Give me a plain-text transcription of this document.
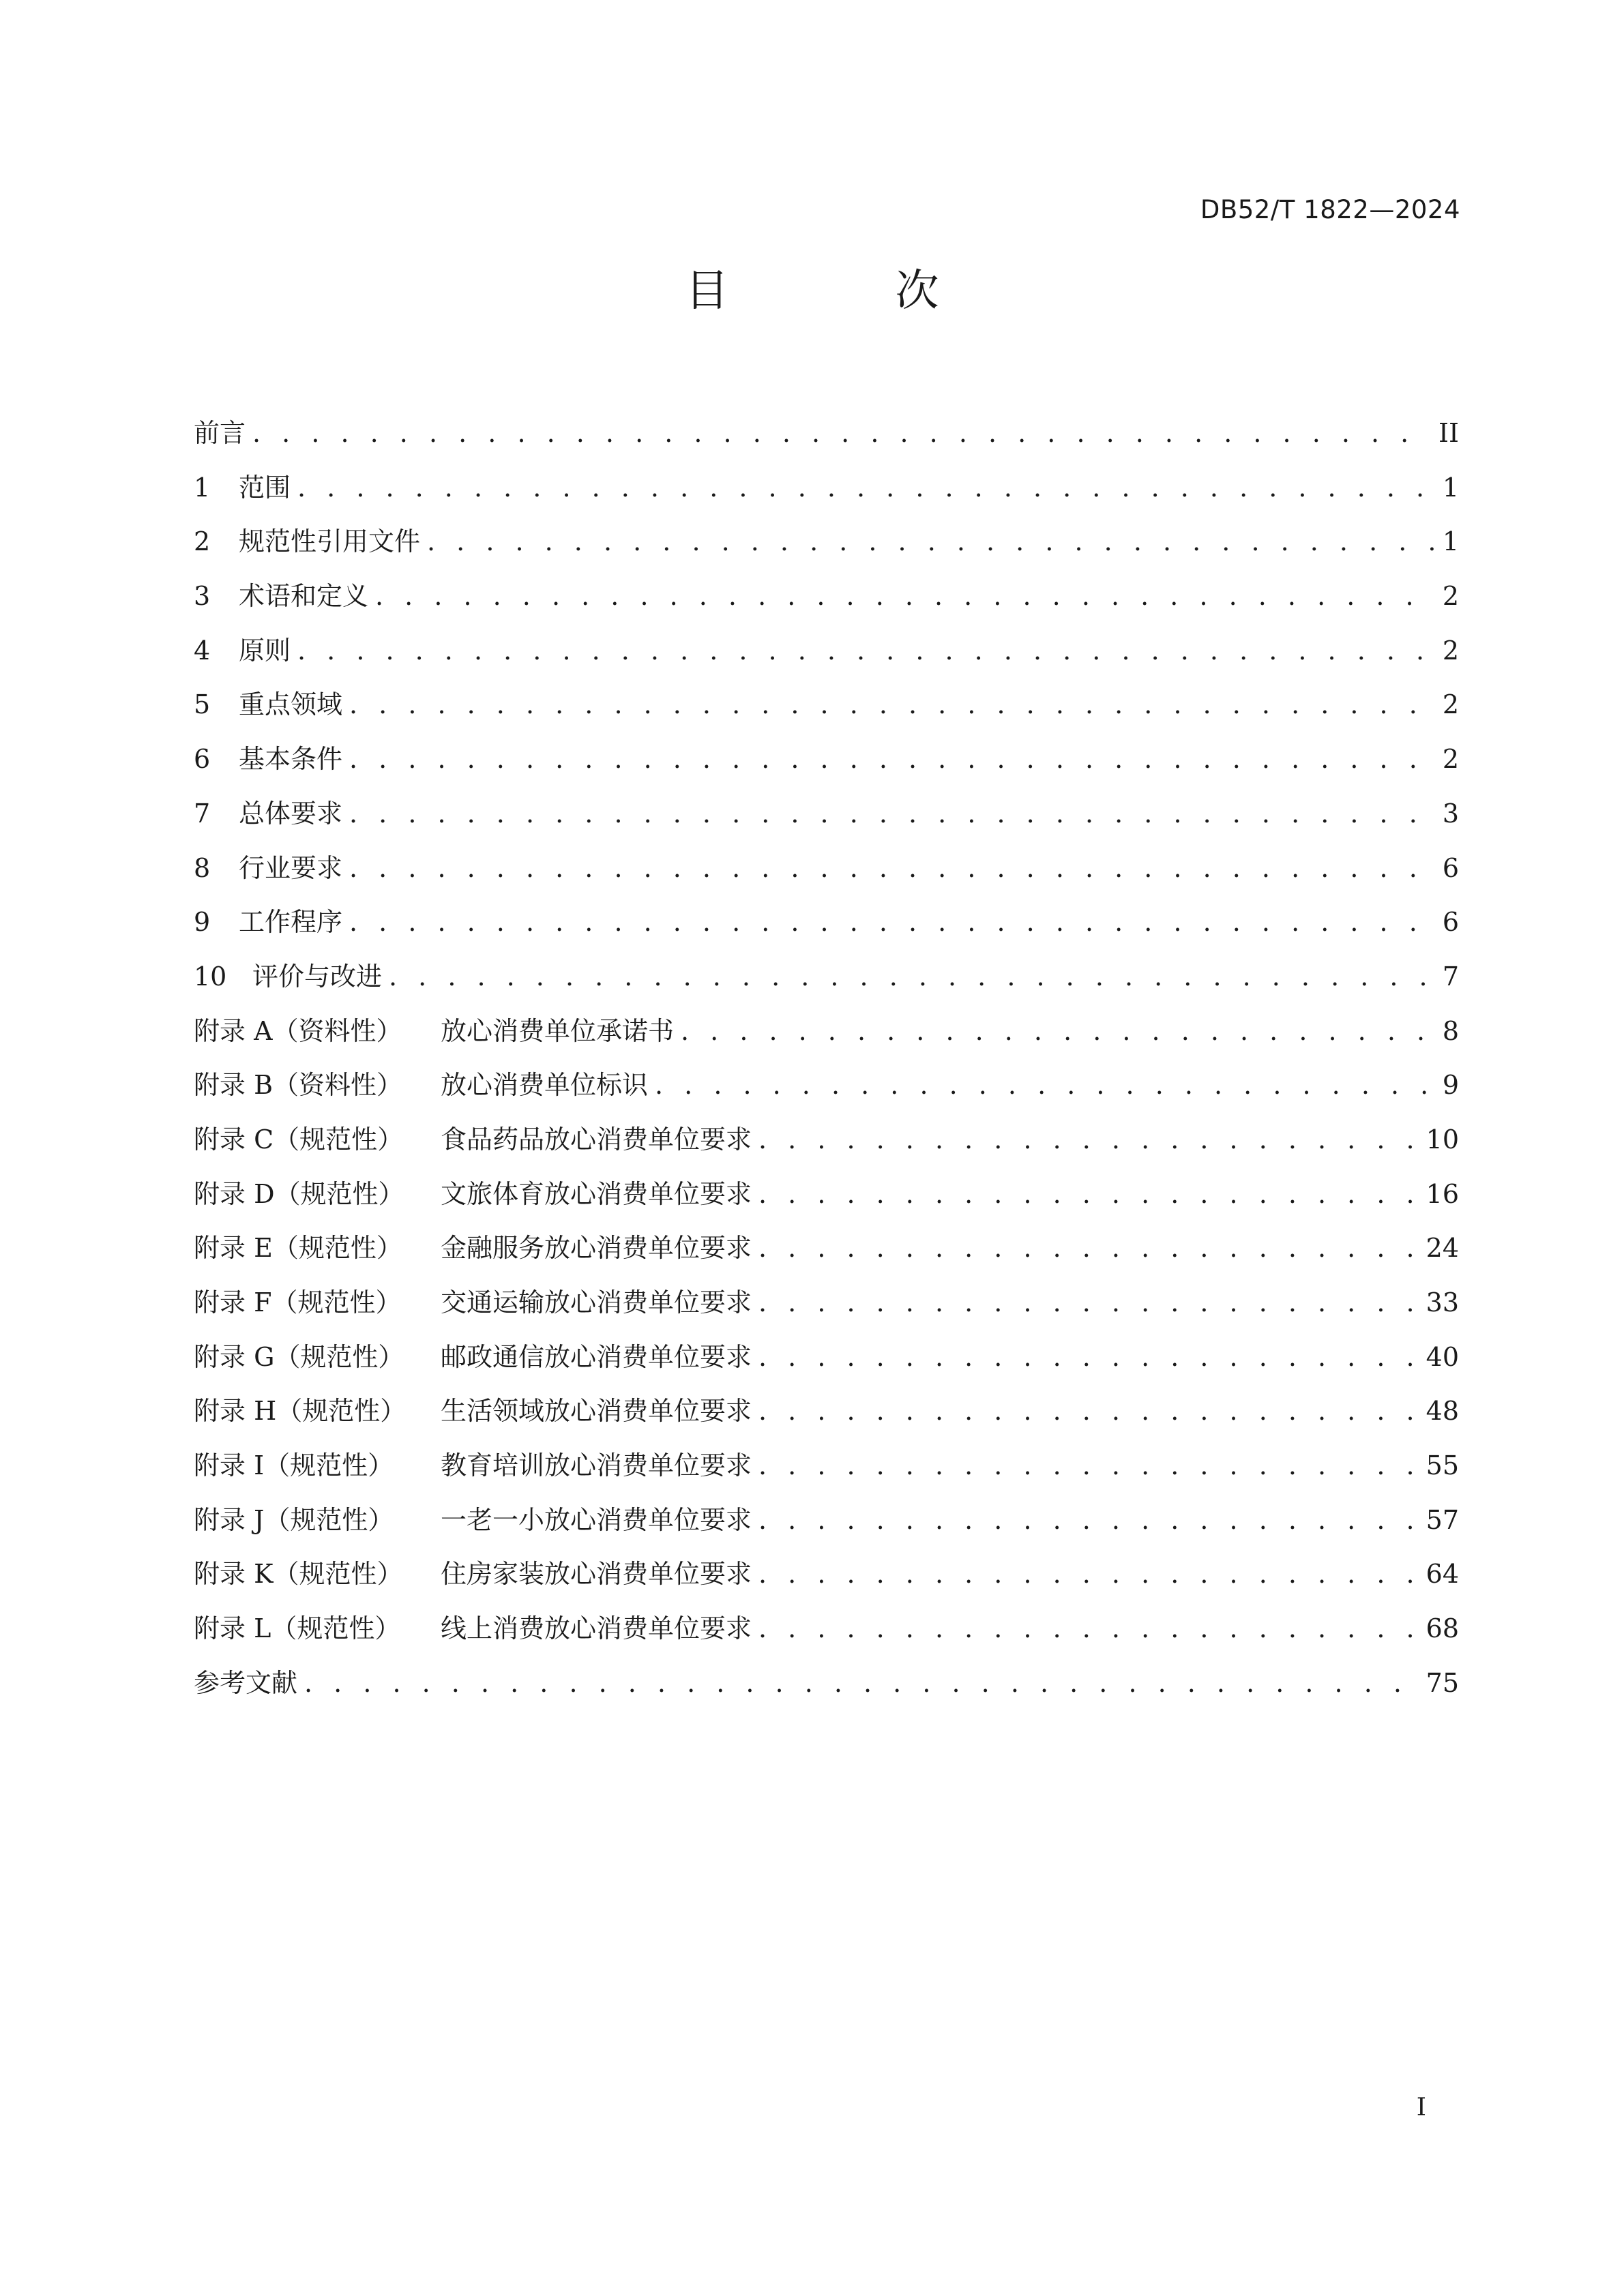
DB52/T 1822—2024
目　次
前言 . . .	II
1	范围 . . .	1
2	规范性引用文件 . . .	1
3	术语和定义 . . .	2
4	原则 . . .	2
5	重点领域 . . .	2
6	基本条件 . . .	2
7	总体要求 . . .	3
8	行业要求 . . .	6
9	工作程序 . . .	6
10 评价与改进 . . .	7
附录 A（资料性）	放心消费单位承诺书 . . .	8
附录 B（资料性）	放心消费单位标识 . . .	9
附录 C（规范性）	食品药品放心消费单位要求 . . .	10
附录 D（规范性）	文旅体育放心消费单位要求 . . .	16
附录 E（规范性）	金融服务放心消费单位要求 . . .	24
附录 F（规范性）	交通运输放心消费单位要求 . . .	33
附录 G（规范性）	邮政通信放心消费单位要求 . . .	40
附录 H（规范性）	生活领域放心消费单位要求 . . .	48
附录 I（规范性）	教育培训放心消费单位要求 . . .	55
附录 J（规范性）	一老一小放心消费单位要求 . . .	57
附录 K（规范性）	住房家装放心消费单位要求 . . .	64
附录 L（规范性）	线上消费放心消费单位要求 . . .	68
参考文献 . . .	75
I
